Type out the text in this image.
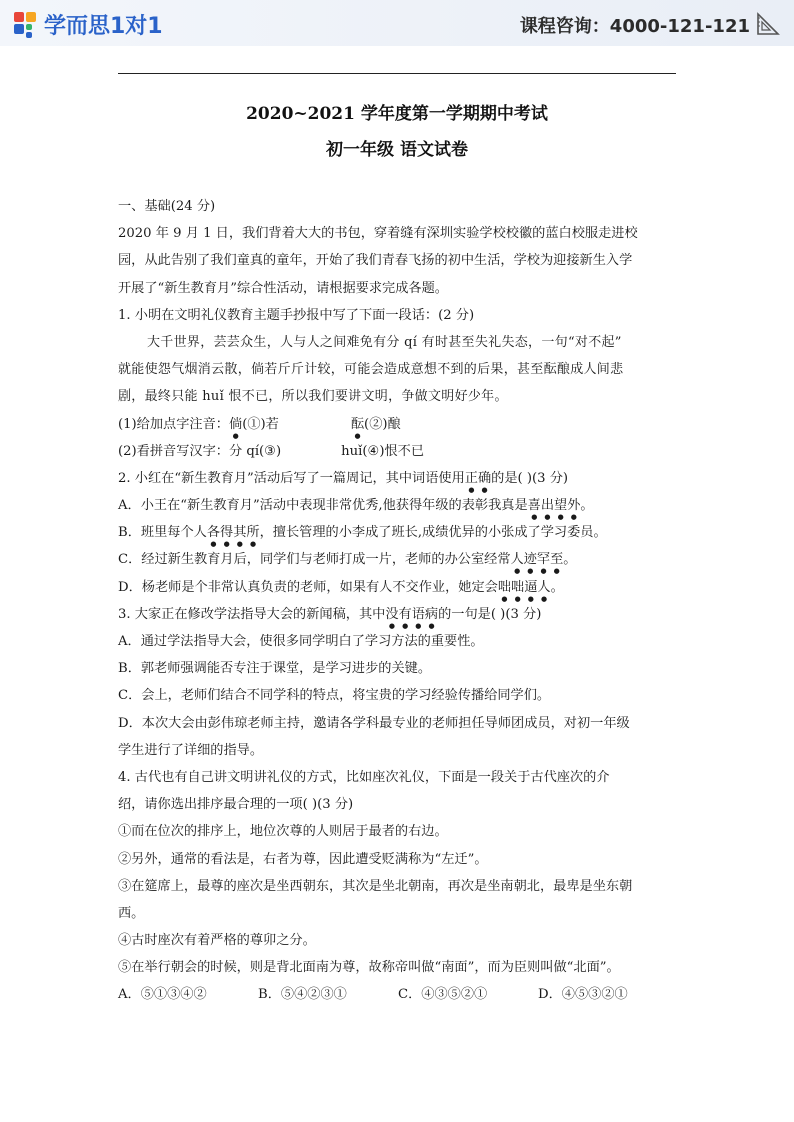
学而思1对1	课程咨询：4000-121-121
2020~2021 学年度第一学期期中考试
初一年级 语文试卷
一、基础(24 分)
2020 年 9 月 1 日，我们背着大大的书包，穿着缝有深圳实验学校校徽的蓝白校服走进校
园，从此告别了我们童真的童年，开始了我们青春飞扬的初中生活，学校为迎接新生入学
开展了“新生教育月”综合性活动，请根据要求完成各题。
1. 小明在文明礼仪教育主题手抄报中写了下面一段话：(2 分)
大千世界，芸芸众生，人与人之间难免有分 qí 有时甚至失礼失态，一句“对不起”
就能使怨气烟消云散，倘若斤斤计较，可能会造成意想不到的后果，甚至酝酿成人间悲
剧，最终只能 huǐ 恨不已，所以我们要讲文明，争做文明好少年。
(1)给加点字注音：倘(①)若	酝(②)酿
(2)看拼音写汉字：分 qí(③)	huǐ(④)恨不已
2. 小红在“新生教育月”活动后写了一篇周记，其中词语使用正确的是( )(3 分)
A．小王在“新生教育月”活动中表现非常优秀,他获得年级的表彰我真是喜出望外。
B．班里每个人各得其所，擅长管理的小李成了班长,成绩优异的小张成了学习委员。
C．经过新生教育月后，同学们与老师打成一片，老师的办公室经常人迹罕至。
D．杨老师是个非常认真负责的老师，如果有人不交作业，她定会咄咄逼人。
3. 大家正在修改学法指导大会的新闻稿，其中没有语病的一句是( )(3 分)
A．通过学法指导大会，使很多同学明白了学习方法的重要性。
B．郭老师强调能否专注于课堂，是学习进步的关键。
C．会上，老师们结合不同学科的特点，将宝贵的学习经验传播给同学们。
D．本次大会由彭伟琼老师主持，邀请各学科最专业的老师担任导师团成员，对初一年级
学生进行了详细的指导。
4. 古代也有自己讲文明讲礼仪的方式，比如座次礼仪，下面是一段关于古代座次的介
绍，请你选出排序最合理的一项( )(3 分)
①而在位次的排序上，地位次尊的人则居于最者的右边。
②另外，通常的看法是，右者为尊，因此遭受贬满称为“左迁”。
③在筵席上，最尊的座次是坐西朝东，其次是坐北朝南，再次是坐南朝北，最卑是坐东朝
西。
④古时座次有着严格的尊卯之分。
⑤在举行朝会的时候，则是背北面南为尊，故称帝叫做“南面”，而为臣则叫做“北面”。
A．⑤①③④②	B．⑤④②③①	C．④③⑤②①	D．④⑤③②①
